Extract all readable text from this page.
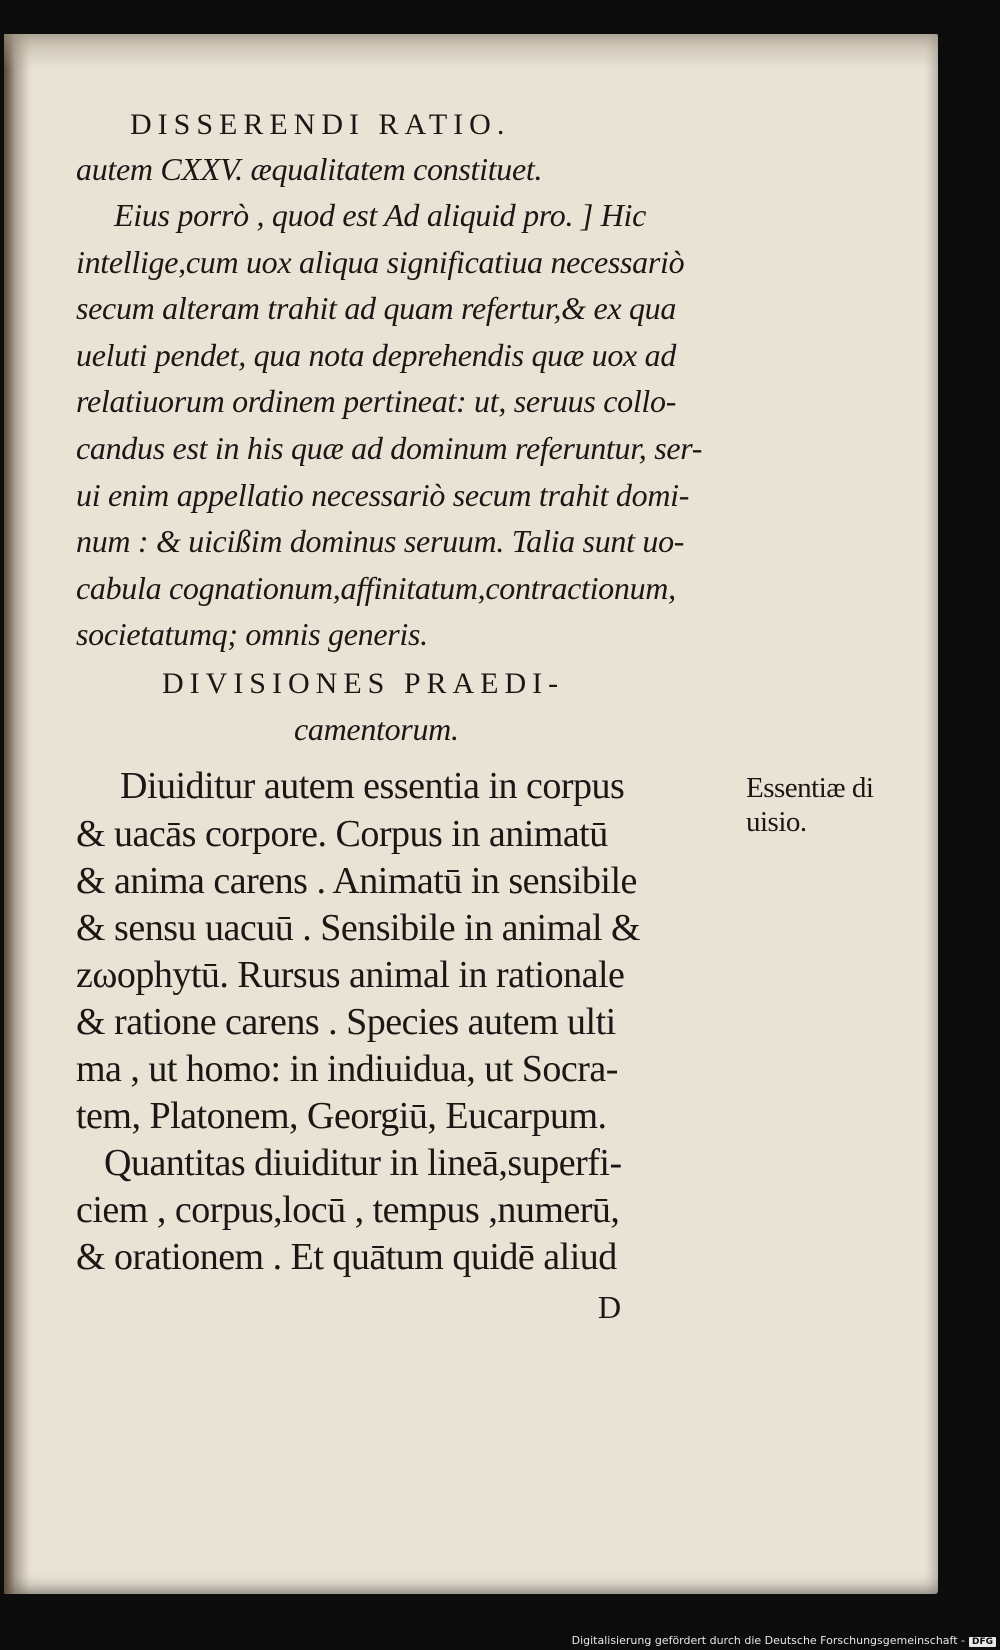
DISSERENDI RATIO.
autem CXXV. æqualitatem constituet.
Eius porrò , quod est Ad aliquid pro. ] Hic
intellige,cum uox aliqua significatiua necessariò
secum alteram trahit ad quam refertur,& ex qua
ueluti pendet, qua nota deprehendis quæ uox ad
relatiuorum ordinem pertineat: ut, seruus collo-
candus est in his quæ ad dominum referuntur, ser-
ui enim appellatio necessariò secum trahit domi-
num : & uicißim dominus seruum. Talia sunt uo-
cabula cognationum,affinitatum,contractionum,
societatumq; omnis generis.
DIVISIONES PRAEDI-
camentorum.
Diuiditur autem essentia in corpus
& uacās corpore. Corpus in animatū
& anima carens . Animatū in sensibile
& sensu uacuū . Sensibile in animal &
zωophytū. Rursus animal in rationale
& ratione carens . Species autem ulti
ma , ut homo: in indiuidua, ut Socra-
tem, Platonem, Georgiū, Eucarpum.
Quantitas diuiditur in lineā,superfi-
ciem , corpus,locū , tempus ,numerū,
& orationem . Et quātum quidē aliud
D
Essentiæ di
uisio.
Digitalisierung gefördert durch die Deutsche Forschungsgemeinschaft - DFG
